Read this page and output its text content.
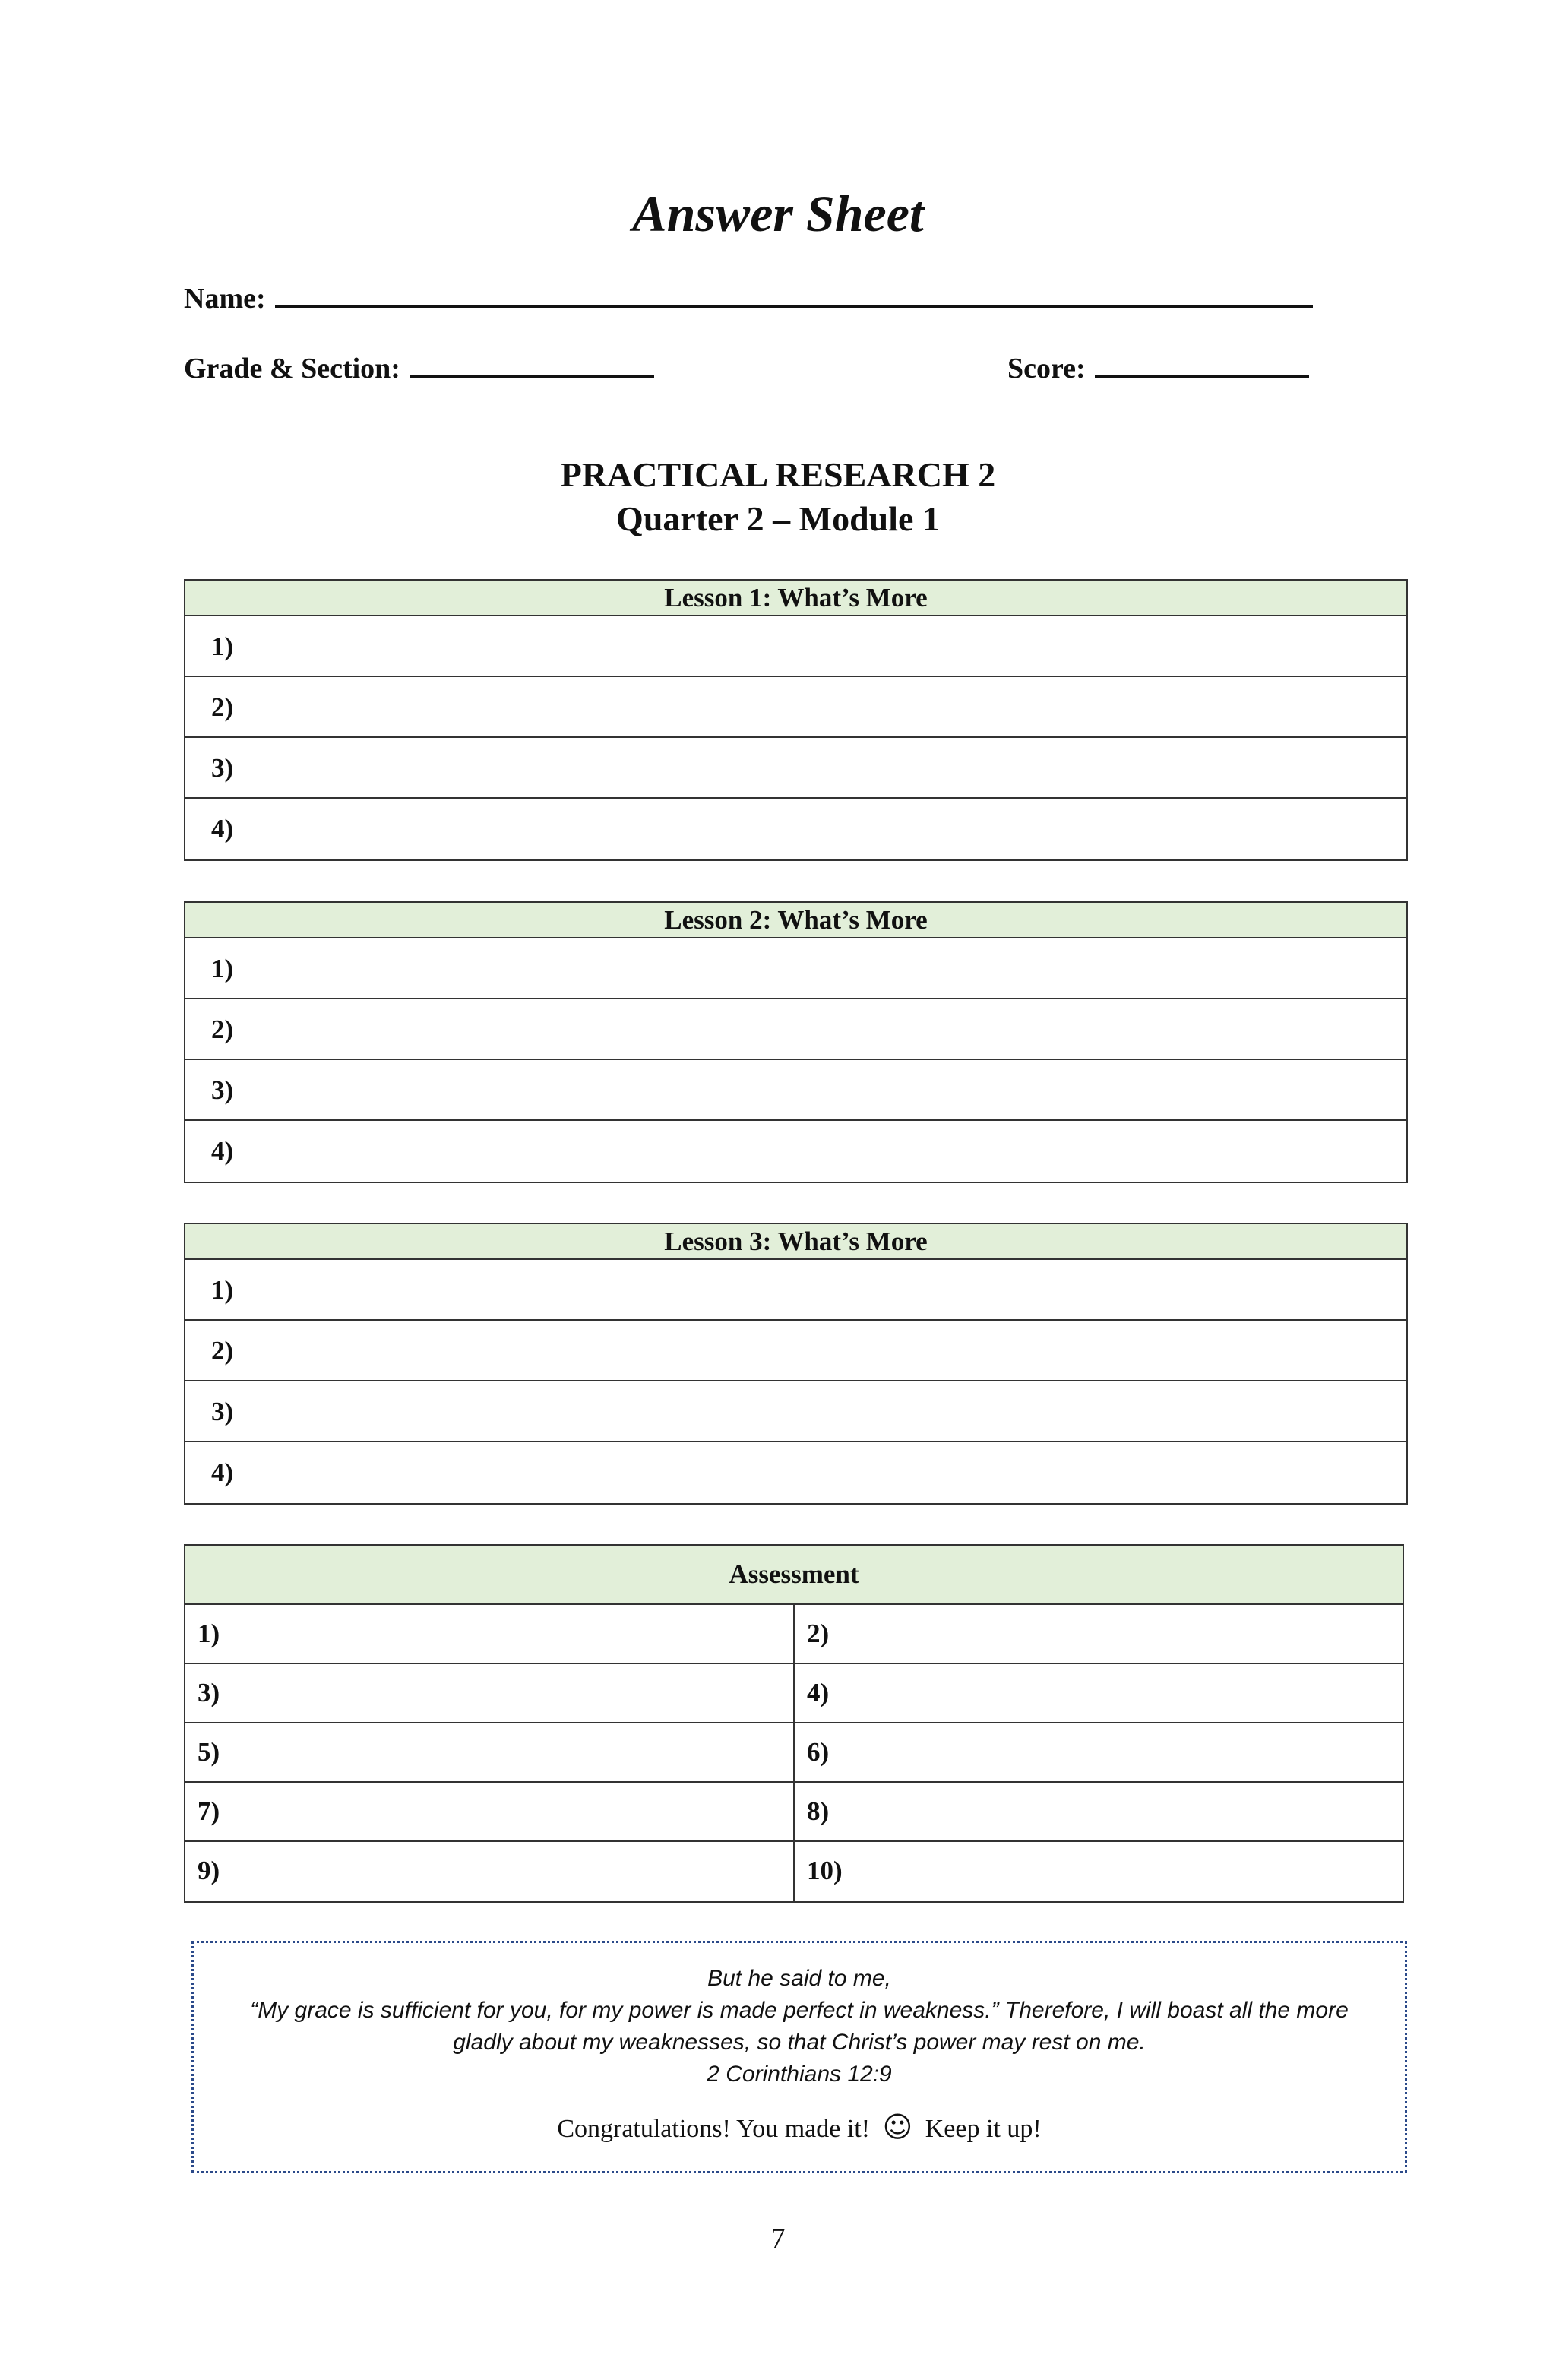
Answer Sheet
Name:
Grade & Section:	Score:
PRACTICAL RESEARCH 2
Quarter 2 – Module 1
Lesson 1: What’s More
1)
2)
3)
4)
Lesson 2: What’s More
1)
2)
3)
4)
Lesson 3: What’s More
1)
2)
3)
4)
Assessment
1)	2)
3)	4)
5)	6)
7)	8)
9)	10)
But he said to me,
“My grace is sufficient for you, for my power is made perfect in weakness.” Therefore, I will boast all the more gladly about my weaknesses, so that Christ’s power may rest on me.
2 Corinthians 12:9
Congratulations! You made it! ☺ Keep it up!
7
